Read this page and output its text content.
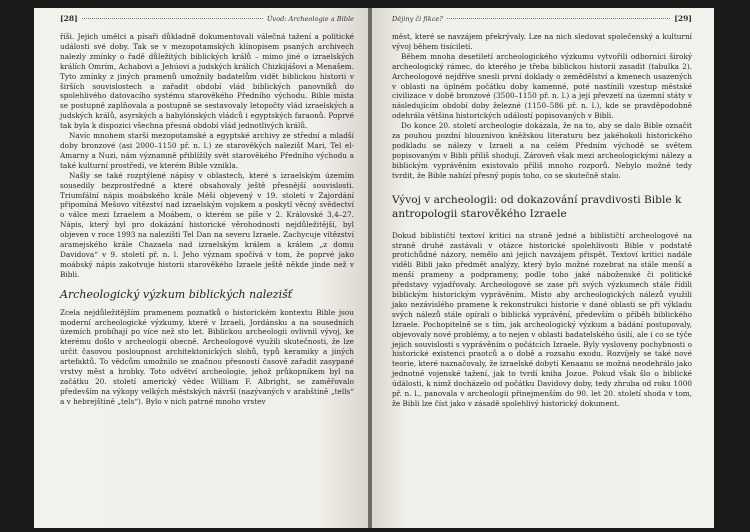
[28]	Úvod: Archeologie a Bible

říši. Jejich umělci a písaři důkladně dokumentovali válečná tažení a politické události své doby. Tak se v mezopotamských klínopisem psaných archivech nalezly zmínky o řadě důležitých biblických králů – mimo jiné o izraelských králích Omrím, Achabovi a Jehúovi a judských králích Chizkijášovi a Menašem. Tyto zmínky z jiných pramenů umožnily badatelům vidět biblickou historii v širších souvislostech a zařadit období vlád biblických panovníků do spolehlivého datovacího systému starověkého Předního východu. Bible místa se postupně zaplňovala a postupně se sestavovaly letopočty vlád izraelských a judských králů, asyrských a babylónských vládců i egyptských faraonů. Poprvé tak byla k dispozici všechna přesná období vlád jednotlivých králů.

Navíc mnohem starší mezopotamské a egyptské archivy ze střední a mladší doby bronzové (asi 2000–1150 př. n. l.) ze starověkých nalezišť Mari, Tel el-Amarny a Nuzi, nám významně přiblížily svět starověkého Předního východu a také kulturní prostředí, ve kterém Bible vznikla.

Našly se také rozptýlené nápisy v oblastech, které s izraelským územím sousedily bezprostředně a které obsahovaly ještě přesnější souvislosti. Triumfální nápis moábského krále Méši objevený v 19. století v Zajordání připomíná Mešovo vítězství nad izraelským vojskem a poskytl věcný svědectví o válce mezi Izraelem a Moábem, o kterém se píše v 2. Královské 3,4–27. Nápis, který byl pro dokázání historické věrohodnosti nejdůležitější, byl objeven v roce 1993 na nalezišti Tel Dan na severu Izraele. Zachycuje vítězství aramejského krále Chazaela nad izraelským králem a králem „z domu Davidova“ v 9. století př. n. l. Jeho význam spočívá v tom, že poprvé jako moábský nápis zakotvuje historii starověkého Izraele ještě někde jinde než v Bibli.

Archeologický výzkum biblických nalezišť

Zcela nejdůležitějším pramenem poznatků o historickém kontextu Bible jsou moderní archeologické výzkumy, které v Izraeli, Jordánsku a na sousedních územích probíhají po více než sto let. Biblickou archeologii ovlivnil vývoj, ke kterému došlo v archeologii obecně. Archeologové využili skutečnosti, že lze určit časovou posloupnost architektonických slohů, typů keramiky a jiných artefaktů. To vědcům umožnilo se značnou přesností časově zařadit zasypané vrstvy měst a hrobky. Toto odvětví archeologie, jehož průkopníkem byl na začátku 20. století americký vědec William F. Albright, se zaměřovalo především na výkopy velkých městských návrší (nazývaných v arabštině „tells“ a v hebrejštině „tels“). Bylo v nich patrné mnoho vrstev

Dějiny či fikce?	[29]

měst, které se navzájem překrývaly. Lze na nich sledovat společenský a kulturní vývoj během tisíciletí.

Během mnoha desetiletí archeologického výzkumu vytvořili odborníci široký archeologický rámec, do kterého je třeba biblickou historii zasadit (tabulka 2). Archeologové nejdříve snesli první doklady o zemědělství a kmenech usazených v oblasti na úplném počátku doby kamenné, poté nastínili vzestup městské civilizace v době bronzové (3500–1150 př. n. l.) a její převzetí na územní státy v následujícím období doby železné (1150–586 př. n. l.), kde se pravděpodobně odehrála většina historických událostí popisovaných v Bibli.

Do konce 20. století archeologie dokázala, že na to, aby se dalo Bible označit za pouhou pozdní blouznivou kněžskou literaturu bez jakéhokoli historického podkladu se nálezy v Izraeli a na celém Předním východě se světem popisovaným v Bibli příliš shodují. Zároveň však mezi archeologickými nálezy a biblickým vyprávěním existovalo příliš mnoho rozporů. Nebylo možné tedy tvrdit, že Bible nabízí přesný popis toho, co se skutečně stalo.

Vývoj v archeologii: od dokazování pravdivosti Bible k antropologii starověkého Izraele

Dokud biblističtí textoví kritici na straně jedné a biblističtí archeologové na straně druhé zastávali v otázce historické spolehlivosti Bible v podstatě protichůdné názory, nemělo ani jejich navzájem přispět. Textoví kritici nadále viděli Bibli jako předmět analýzy, který bylo možné rozebrat na stále menší a menší prameny a podprameny, podle toho jaké náboženské či politické představy vyjadřovaly. Archeologové se zase při svých výzkumech stále řídili biblickým historickým vyprávěním. Místo aby archeologických nálezů využili jako nezávislého pramene k rekonstrukci historie v dané oblasti se při výkladu svých nálezů stále opírali o biblická vyprávění, především o příběh biblického Izraele. Pochopitelně se s tím, jak archeologický výzkum a bádání postupovaly, objevovaly nové problémy, a to nejen v oblasti badatelského úsilí, ale i co se týče jejich souvislosti s vyprávěním o počátcích Izraele. Byly vysloveny pochybnosti o historické existenci praotců a o době a rozsahu exodu. Rozvíjely se také nové teorie, které naznačovaly, že izraelské dobytí Kenaanu se možná neodehrálo jako jednotné vojenské tažení, jak to tvrdí kniha Jozue. Pokud však šlo o biblické údálosti, k nimž docházelo od počátku Davidovy doby, tedy zhruba od roku 1000 př. n. l., panovala v archeologii přinejmenším do 90. let 20. století shoda v tom, že Bibli lze číst jako v zásadě spolehlivý historický dokument.
